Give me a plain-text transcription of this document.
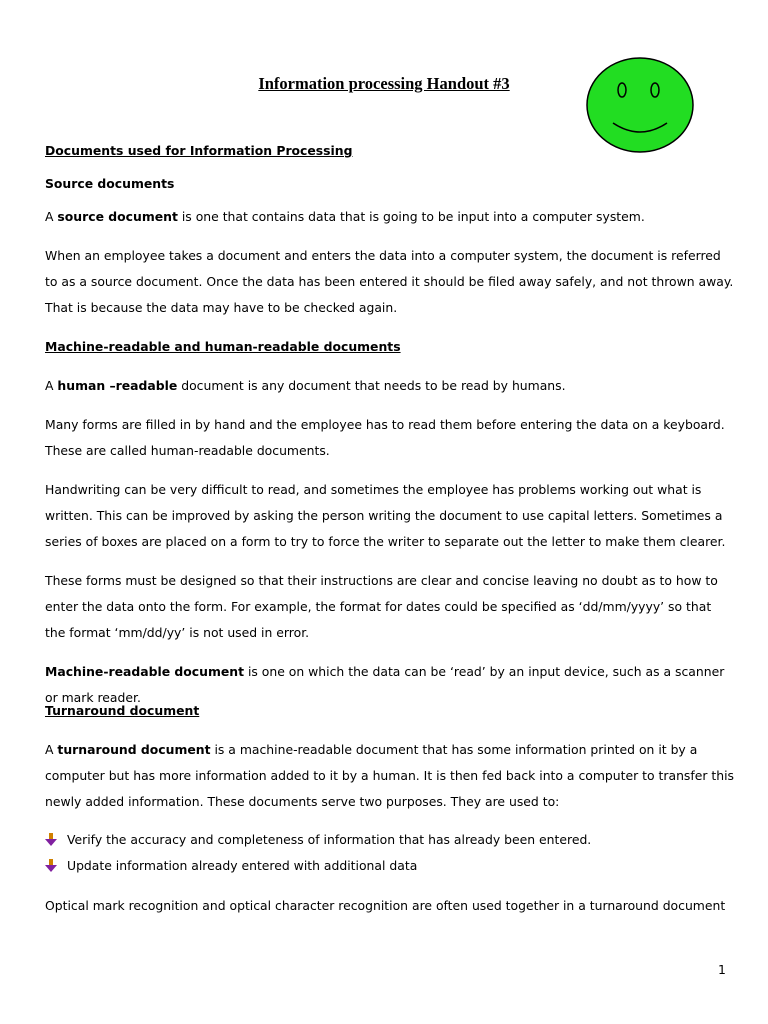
Information processing Handout #3
Documents used for Information Processing
Source documents
A source document is one that contains data that is going to be input into a computer system.
When an employee takes a document and enters the data into a computer system, the document is referred to as a source document. Once the data has been entered it should be filed away safely, and not thrown away. That is because the data may have to be checked again.
Machine-readable and human-readable documents
A human –readable document is any document that needs to be read by humans.
Many forms are filled in by hand and the employee has to read them before entering the data on a keyboard. These are called human-readable documents.
Handwriting can be very difficult to read, and sometimes the employee has problems working out what is written. This can be improved by asking the person writing the document to use capital letters. Sometimes a series of boxes are placed on a form to try to force the writer to separate out the letter to make them clearer.
These forms must be designed so that their instructions are clear and concise leaving no doubt as to how to enter the data onto the form. For example, the format for dates could be specified as ‘dd/mm/yyyy’ so that the format ‘mm/dd/yy’ is not used in error.
Machine-readable document is one on which the data can be ‘read’ by an input device, such as a scanner or mark reader.
Turnaround document
A turnaround document is a machine-readable document that has some information printed on it by a computer but has more information added to it by a human. It is then fed back into a computer to transfer this newly added information. These documents serve two purposes. They are used to:
Verify the accuracy and completeness of information that has already been entered.
Update information already entered with additional data
Optical mark recognition and optical character recognition are often used together in a turnaround document
1
